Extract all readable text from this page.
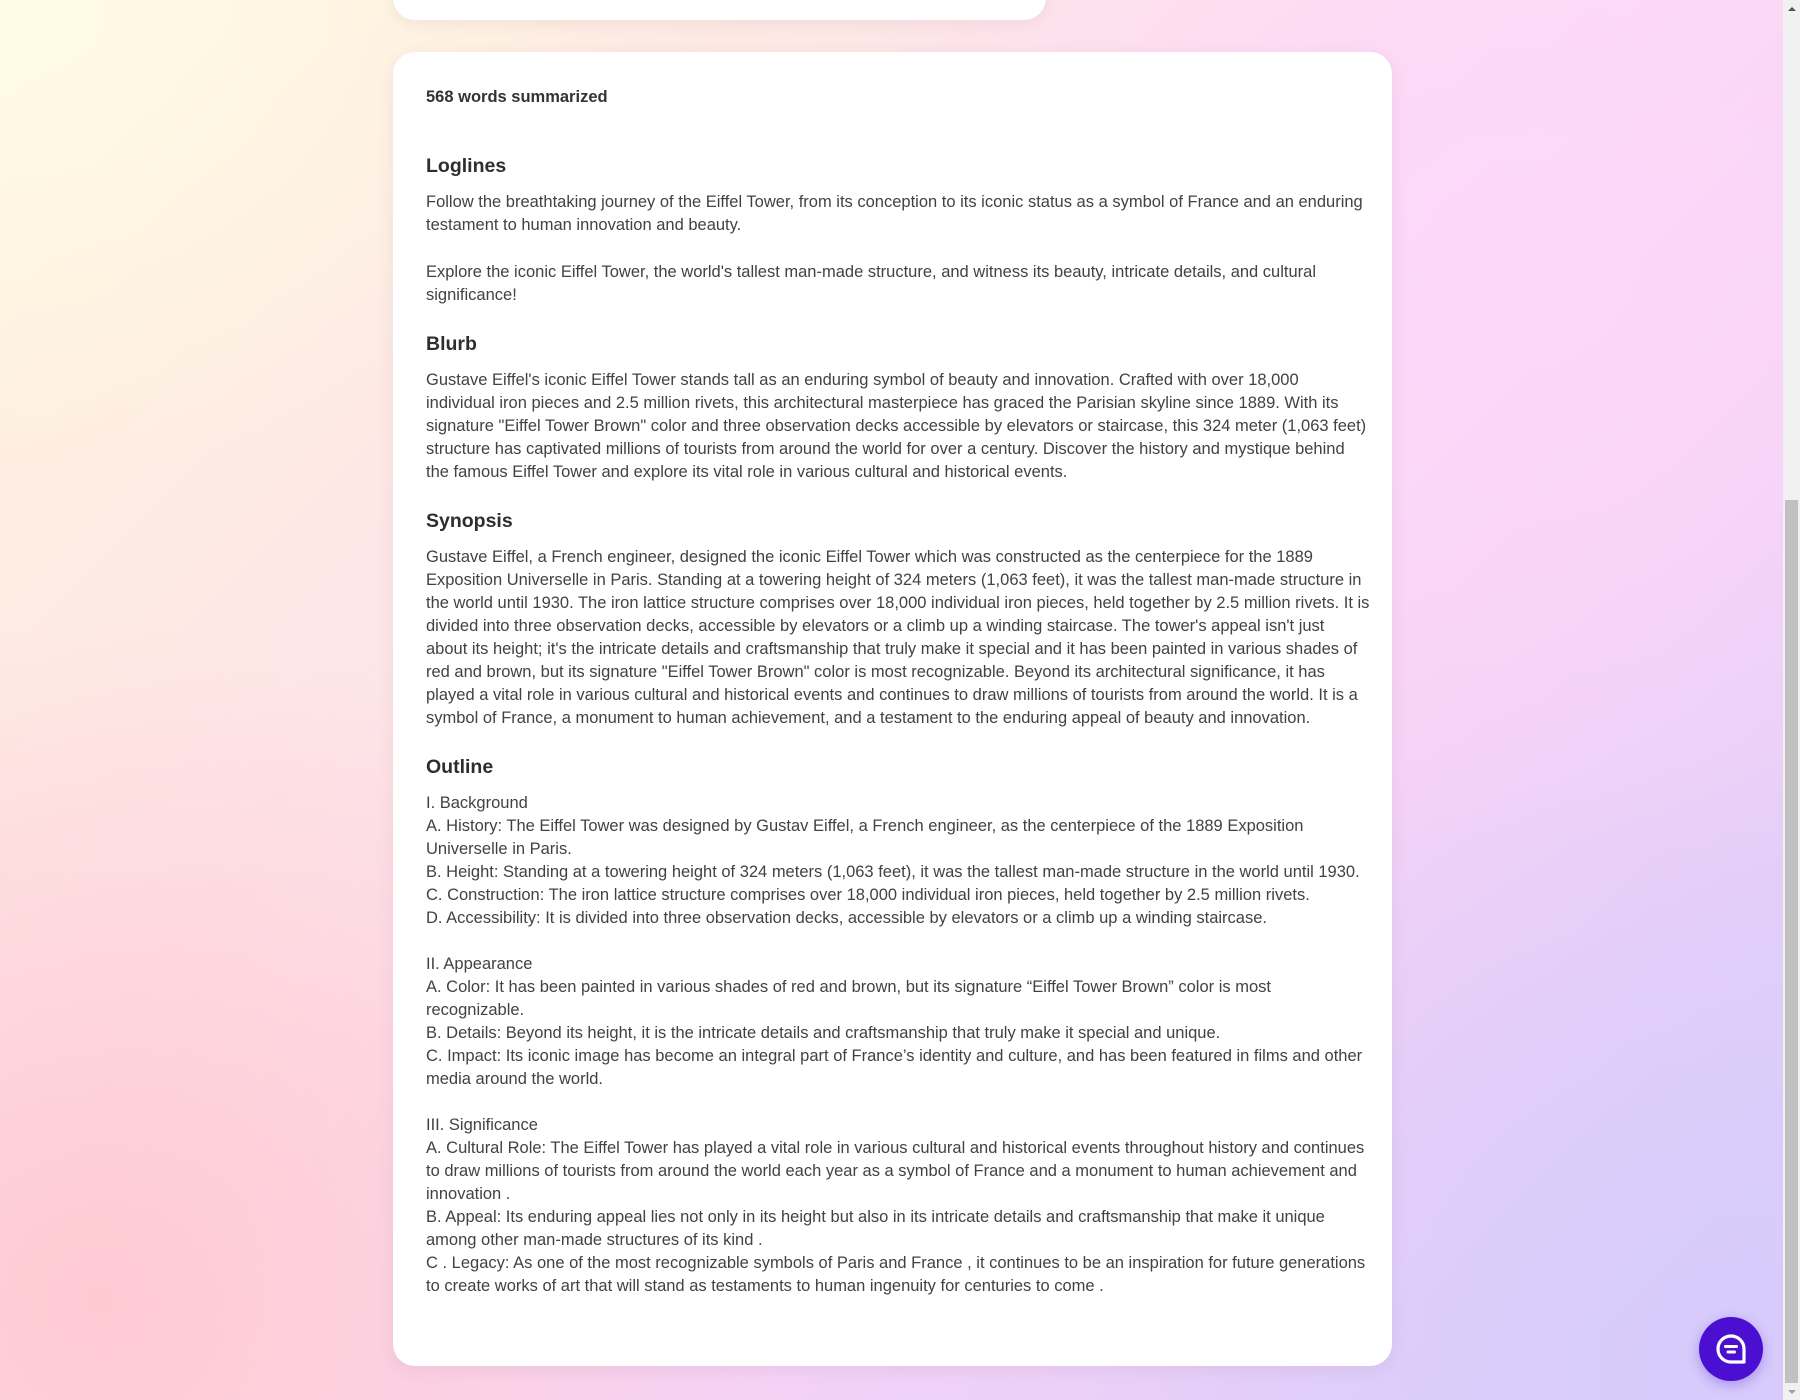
568 words summarized

Loglines

Follow the breathtaking journey of the Eiffel Tower, from its conception to its iconic status as a symbol of France and an enduring testament to human innovation and beauty.

Explore the iconic Eiffel Tower, the world's tallest man-made structure, and witness its beauty, intricate details, and cultural significance!

Blurb

Gustave Eiffel's iconic Eiffel Tower stands tall as an enduring symbol of beauty and innovation. Crafted with over 18,000 individual iron pieces and 2.5 million rivets, this architectural masterpiece has graced the Parisian skyline since 1889. With its signature "Eiffel Tower Brown" color and three observation decks accessible by elevators or staircase, this 324 meter (1,063 feet) structure has captivated millions of tourists from around the world for over a century. Discover the history and mystique behind the famous Eiffel Tower and explore its vital role in various cultural and historical events.

Synopsis

Gustave Eiffel, a French engineer, designed the iconic Eiffel Tower which was constructed as the centerpiece for the 1889 Exposition Universelle in Paris. Standing at a towering height of 324 meters (1,063 feet), it was the tallest man-made structure in the world until 1930. The iron lattice structure comprises over 18,000 individual iron pieces, held together by 2.5 million rivets. It is divided into three observation decks, accessible by elevators or a climb up a winding staircase. The tower's appeal isn't just about its height; it's the intricate details and craftsmanship that truly make it special and it has been painted in various shades of red and brown, but its signature "Eiffel Tower Brown" color is most recognizable. Beyond its architectural significance, it has played a vital role in various cultural and historical events and continues to draw millions of tourists from around the world. It is a symbol of France, a monument to human achievement, and a testament to the enduring appeal of beauty and innovation.

Outline

I. Background

A. History: The Eiffel Tower was designed by Gustav Eiffel, a French engineer, as the centerpiece of the 1889 Exposition Universelle in Paris.

B. Height: Standing at a towering height of 324 meters (1,063 feet), it was the tallest man-made structure in the world until 1930.

C. Construction: The iron lattice structure comprises over 18,000 individual iron pieces, held together by 2.5 million rivets.

D. Accessibility: It is divided into three observation decks, accessible by elevators or a climb up a winding staircase.

II. Appearance

A. Color: It has been painted in various shades of red and brown, but its signature “Eiffel Tower Brown” color is most recognizable.

B. Details: Beyond its height, it is the intricate details and craftsmanship that truly make it special and unique.

C. Impact: Its iconic image has become an integral part of France’s identity and culture, and has been featured in films and other media around the world.

III. Significance

A. Cultural Role: The Eiffel Tower has played a vital role in various cultural and historical events throughout history and continues to draw millions of tourists from around the world each year as a symbol of France and a monument to human achievement and innovation .

B. Appeal: Its enduring appeal lies not only in its height but also in its intricate details and craftsmanship that make it unique among other man-made structures of its kind .

C . Legacy: As one of the most recognizable symbols of Paris and France , it continues to be an inspiration for future generations to create works of art that will stand as testaments to human ingenuity for centuries to come .
